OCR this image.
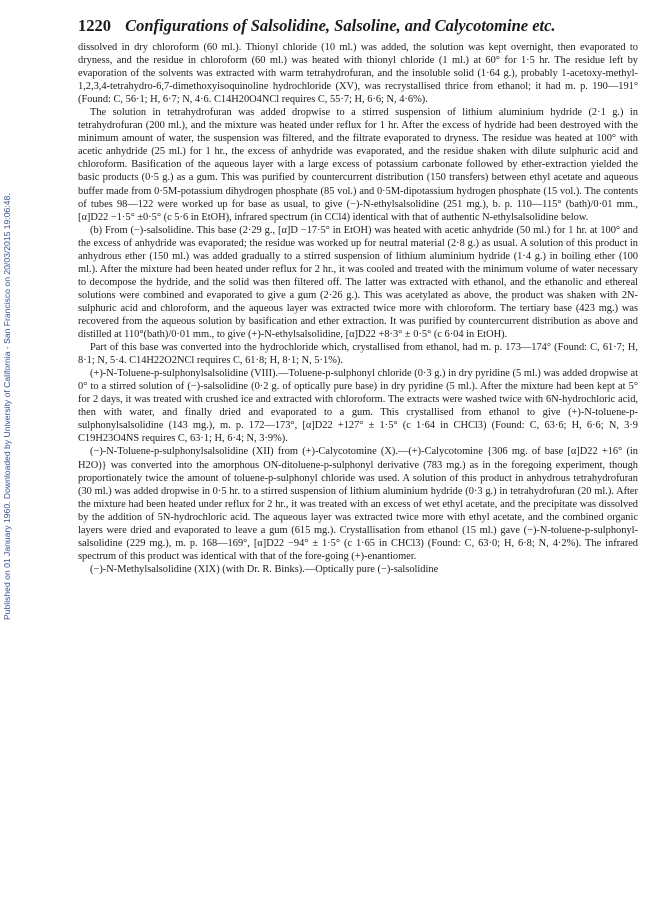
Published on 01 January 1960. Downloaded by University of California - San Francisco on 20/03/2015 19:06:48.
1220 Configurations of Salsolidine, Salsoline, and Calycotomine etc.

dissolved in dry chloroform (60 ml.). Thionyl chloride (10 ml.) was added, the solution was kept overnight, then evaporated to dryness, and the residue in chloroform (60 ml.) was heated with thionyl chloride (1 ml.) at 60° for 1·5 hr. The residue left by evaporation of the solvents was extracted with warm tetrahydrofuran, and the insoluble solid (1·64 g.), probably 1-acetoxy-methyl-1,2,3,4-tetrahydro-6,7-dimethoxyisoquinoline hydrochloride (XV), was recrystallised thrice from ethanol; it had m. p. 190—191° (Found: C, 56·1; H, 6·7; N, 4·6. C14H20O4NCl requires C, 55·7; H, 6·6; N, 4·6%).

The solution in tetrahydrofuran was added dropwise to a stirred suspension of lithium aluminium hydride (2·1 g.) in tetrahydrofuran (200 ml.), and the mixture was heated under reflux for 1 hr. After the excess of hydride had been destroyed with the minimum amount of water, the suspension was filtered, and the filtrate evaporated to dryness. The residue was heated at 100° with acetic anhydride (25 ml.) for 1 hr., the excess of anhydride was evaporated, and the residue shaken with dilute sulphuric acid and chloroform. Basification of the aqueous layer with a large excess of potassium carbonate followed by ether-extraction yielded the basic products (0·5 g.) as a gum. This was purified by countercurrent distribution (150 transfers) between ethyl acetate and aqueous buffer made from 0·5M-potassium dihydrogen phosphate (85 vol.) and 0·5M-dipotassium hydrogen phosphate (15 vol.). The contents of tubes 98—122 were worked up for base as usual, to give (−)-N-ethylsalsolidine (251 mg.), b. p. 110—115° (bath)/0·01 mm., [α]D22 −1·5° ±0·5° (c 5·6 in EtOH), infrared spectrum (in CCl4) identical with that of authentic N-ethylsalsolidine below.

(b) From (−)-salsolidine. This base (2·29 g., [α]D −17·5° in EtOH) was heated with acetic anhydride (50 ml.) for 1 hr. at 100° and the excess of anhydride was evaporated; the residue was worked up for neutral material (2·8 g.) as usual. A solution of this product in anhydrous ether (150 ml.) was added gradually to a stirred suspension of lithium aluminium hydride (1·4 g.) in boiling ether (100 ml.). After the mixture had been heated under reflux for 2 hr., it was cooled and treated with the minimum volume of water necessary to decompose the hydride, and the solid was then filtered off. The latter was extracted with ethanol, and the ethanolic and ethereal solutions were combined and evaporated to give a gum (2·26 g.). This was acetylated as above, the product was shaken with 2N-sulphuric acid and chloroform, and the aqueous layer was extracted twice more with chloroform. The tertiary base (423 mg.) was recovered from the aqueous solution by basification and ether extraction. It was purified by countercurrent distribution as above and distilled at 110°(bath)/0·01 mm., to give (+)-N-ethylsalsolidine, [α]D22 +8·3° ± 0·5° (c 6·04 in EtOH).

Part of this base was converted into the hydrochloride which, crystallised from ethanol, had m. p. 173—174° (Found: C, 61·7; H, 8·1; N, 5·4. C14H22O2NCl requires C, 61·8; H, 8·1; N, 5·1%).

(+)-N-Toluene-p-sulphonylsalsolidine (VIII).—Toluene-p-sulphonyl chloride (0·3 g.) in dry pyridine (5 ml.) was added dropwise at 0° to a stirred solution of (−)-salsolidine (0·2 g. of optically pure base) in dry pyridine (5 ml.). After the mixture had been kept at 5° for 2 days, it was treated with crushed ice and extracted with chloroform. The extracts were washed twice with 6N-hydrochloric acid, then with water, and finally dried and evaporated to a gum. This crystallised from ethanol to give (+)-N-toluene-p-sulphonylsalsolidine (143 mg.), m. p. 172—173°, [α]D22 +127° ± 1·5° (c 1·64 in CHCl3) (Found: C, 63·6; H, 6·6; N, 3·9 C19H23O4NS requires C, 63·1; H, 6·4; N, 3·9%).

(−)-N-Toluene-p-sulphonylsalsolidine (XII) from (+)-Calycotomine (X).—(+)-Calycotomine {306 mg. of base [α]D22 +16° (in H2O)} was converted into the amorphous ON-ditoluene-p-sulphonyl derivative (783 mg.) as in the foregoing experiment, though proportionately twice the amount of toluene-p-sulphonyl chloride was used. A solution of this product in anhydrous tetrahydrofuran (30 ml.) was added dropwise in 0·5 hr. to a stirred suspension of lithium aluminium hydride (0·3 g.) in tetrahydrofuran (20 ml.). After the mixture had been heated under reflux for 2 hr., it was treated with an excess of wet ethyl acetate, and the precipitate was dissolved by the addition of 5N-hydrochloric acid. The aqueous layer was extracted twice more with ethyl acetate, and the combined organic layers were dried and evaporated to leave a gum (615 mg.). Crystallisation from ethanol (15 ml.) gave (−)-N-toluene-p-sulphonyl-salsolidine (229 mg.), m. p. 168—169°, [α]D22 −94° ± 1·5° (c 1·65 in CHCl3) (Found: C, 63·0; H, 6·8; N, 4·2%). The infrared spectrum of this product was identical with that of the fore-going (+)-enantiomer.

(−)-N-Methylsalsolidine (XIX) (with Dr. R. Binks).—Optically pure (−)-salsolidine
